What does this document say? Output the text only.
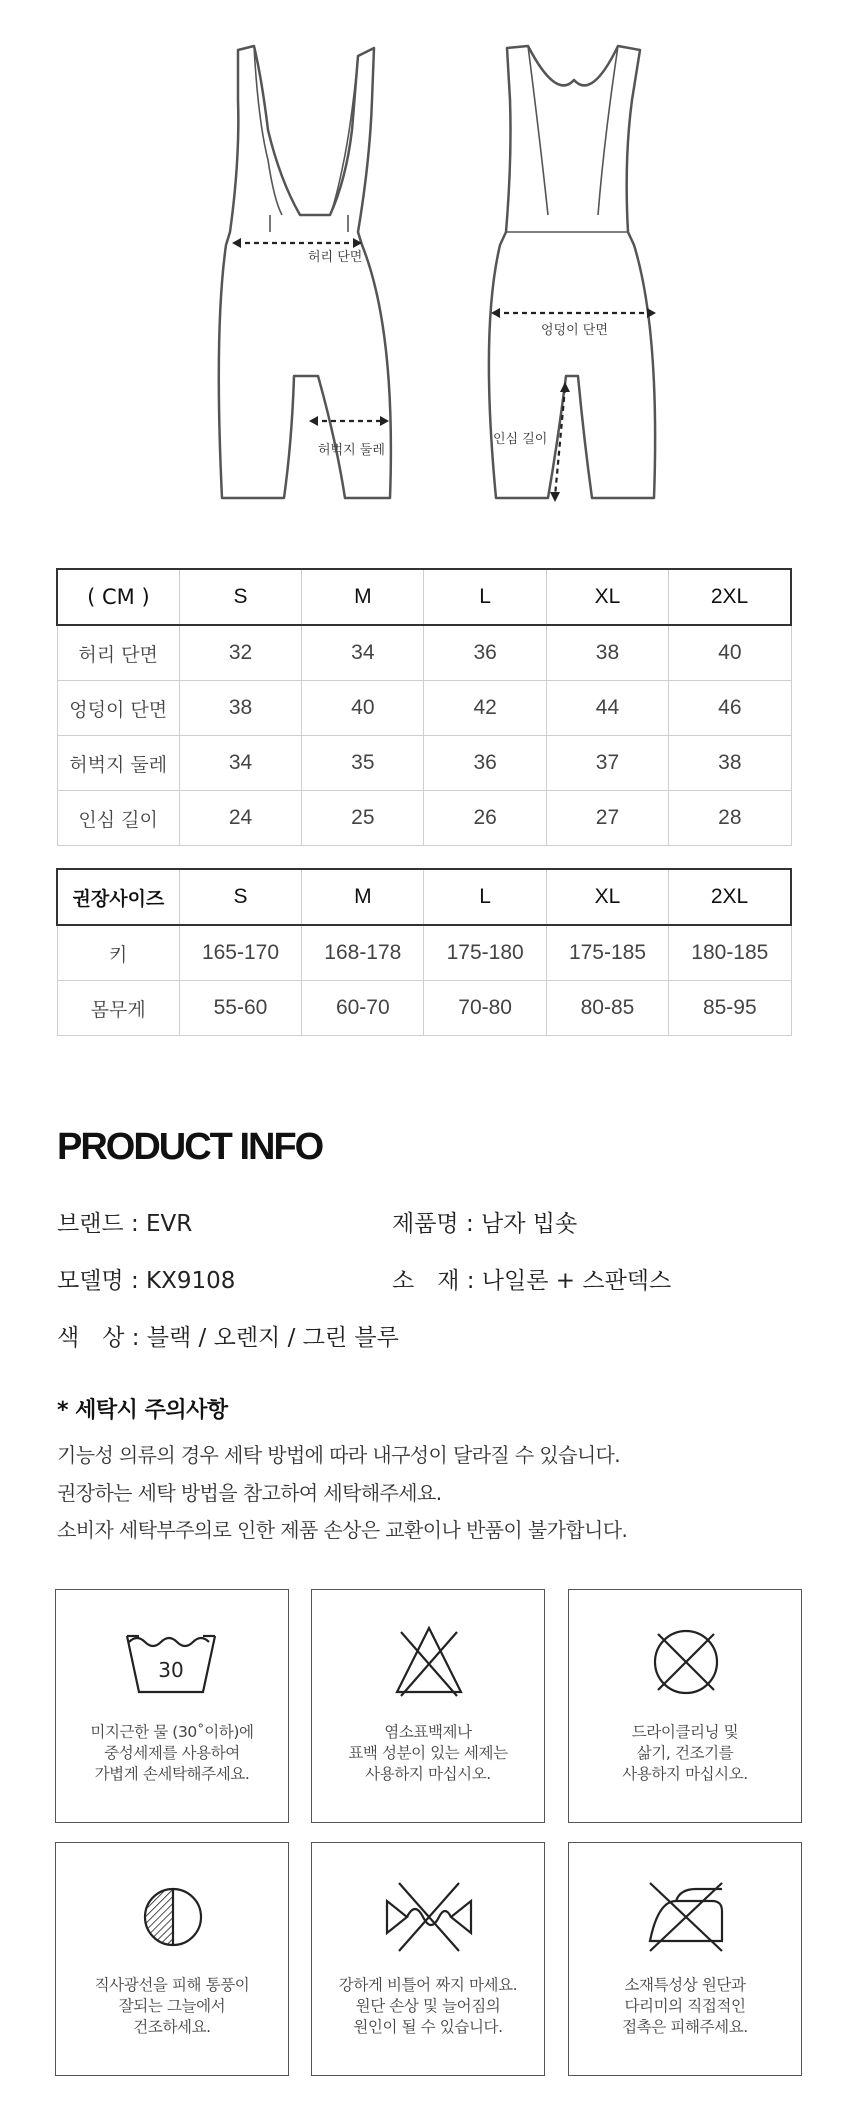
허리 단면
허벅지 둘레
엉덩이 단면
인심 길이
( CM )	S	M	L	XL	2XL
허리 단면	32	34	36	38	40
엉덩이 단면	38	40	42	44	46
허벅지 둘레	34	35	36	37	38
인심 길이	24	25	26	27	28
권장사이즈	S	M	L	XL	2XL
키	165-170	168-178	175-180	175-185	180-185
몸무게	55-60	60-70	70-80	80-85	85-95
PRODUCT INFO
브랜드 : EVR	제품명 : 남자 빕숏
모델명 : KX9108	소　재 : 나일론 + 스판덱스
색　상 : 블랙 / 오렌지 / 그린 블루
* 세탁시 주의사항
기능성 의류의 경우 세탁 방법에 따라 내구성이 달라질 수 있습니다.
권장하는 세탁 방법을 참고하여 세탁해주세요.
소비자 세탁부주의로 인한 제품 손상은 교환이나 반품이 불가합니다.
30
미지근한 물 (30˚이하)에
중성세제를 사용하여
가볍게 손세탁해주세요.
염소표백제나
표백 성분이 있는 세제는
사용하지 마십시오.
드라이클리닝 및
삶기, 건조기를
사용하지 마십시오.
직사광선을 피해 통풍이
잘되는 그늘에서
건조하세요.
강하게 비틀어 짜지 마세요.
원단 손상 및 늘어짐의
원인이 될 수 있습니다.
소재특성상 원단과
다리미의 직접적인
접촉은 피해주세요.
